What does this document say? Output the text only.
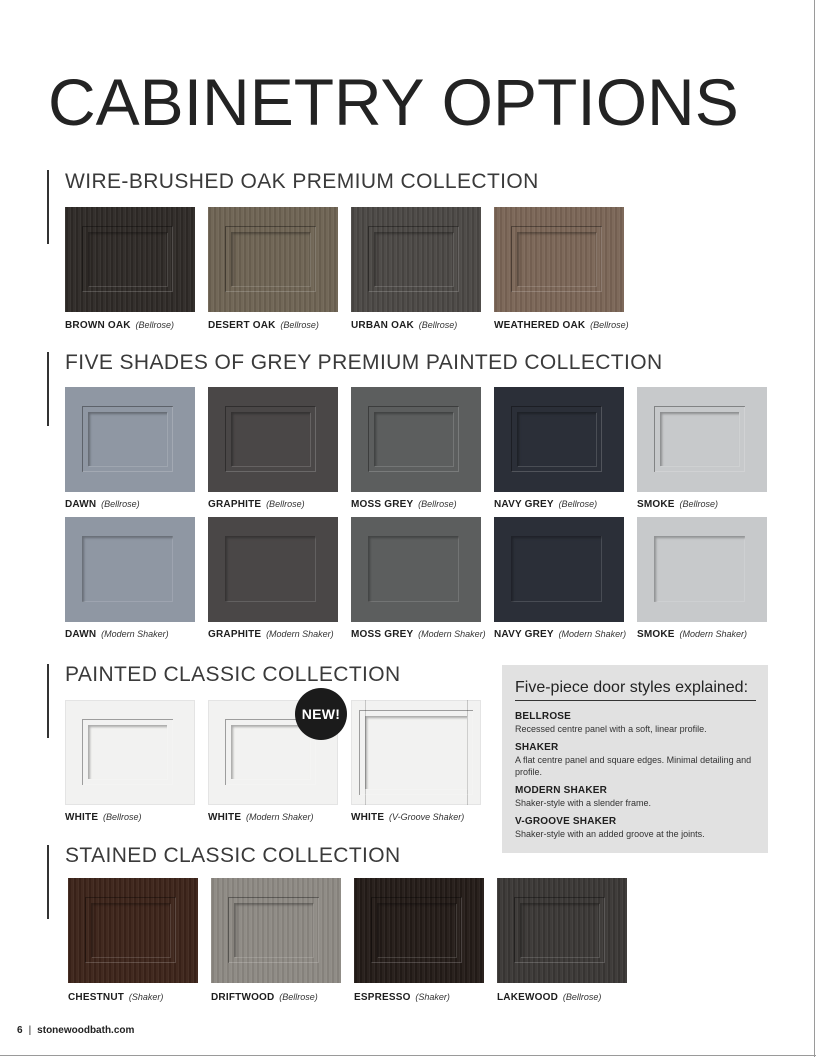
CABINETRY OPTIONS
WIRE-BRUSHED OAK PREMIUM COLLECTION
BROWN OAK (Bellrose)	DESERT OAK (Bellrose)	URBAN OAK (Bellrose)	WEATHERED OAK (Bellrose)
FIVE SHADES OF GREY PREMIUM PAINTED COLLECTION
DAWN (Bellrose)	GRAPHITE (Bellrose)	MOSS GREY (Bellrose)	NAVY GREY (Bellrose)	SMOKE (Bellrose)
DAWN (Modern Shaker)	GRAPHITE (Modern Shaker) MOSS GREY (Modern Shaker) NAVY GREY (Modern Shaker) SMOKE (Modern Shaker)
PAINTED CLASSIC COLLECTION
WHITE (Bellrose)	WHITE (Modern Shaker)	WHITE (V-Groove Shaker)
NEW!
Five-piece door styles explained:
BELLROSE
Recessed centre panel with a soft, linear profile.
SHAKER
A flat centre panel and square edges. Minimal detailing and profile.
MODERN SHAKER
Shaker-style with a slender frame.
V-GROOVE SHAKER
Shaker-style with an added groove at the joints.
STAINED CLASSIC COLLECTION
CHESTNUT (Shaker)	DRIFTWOOD (Bellrose)	ESPRESSO (Shaker)	LAKEWOOD (Bellrose)
6 | stonewoodbath.com
